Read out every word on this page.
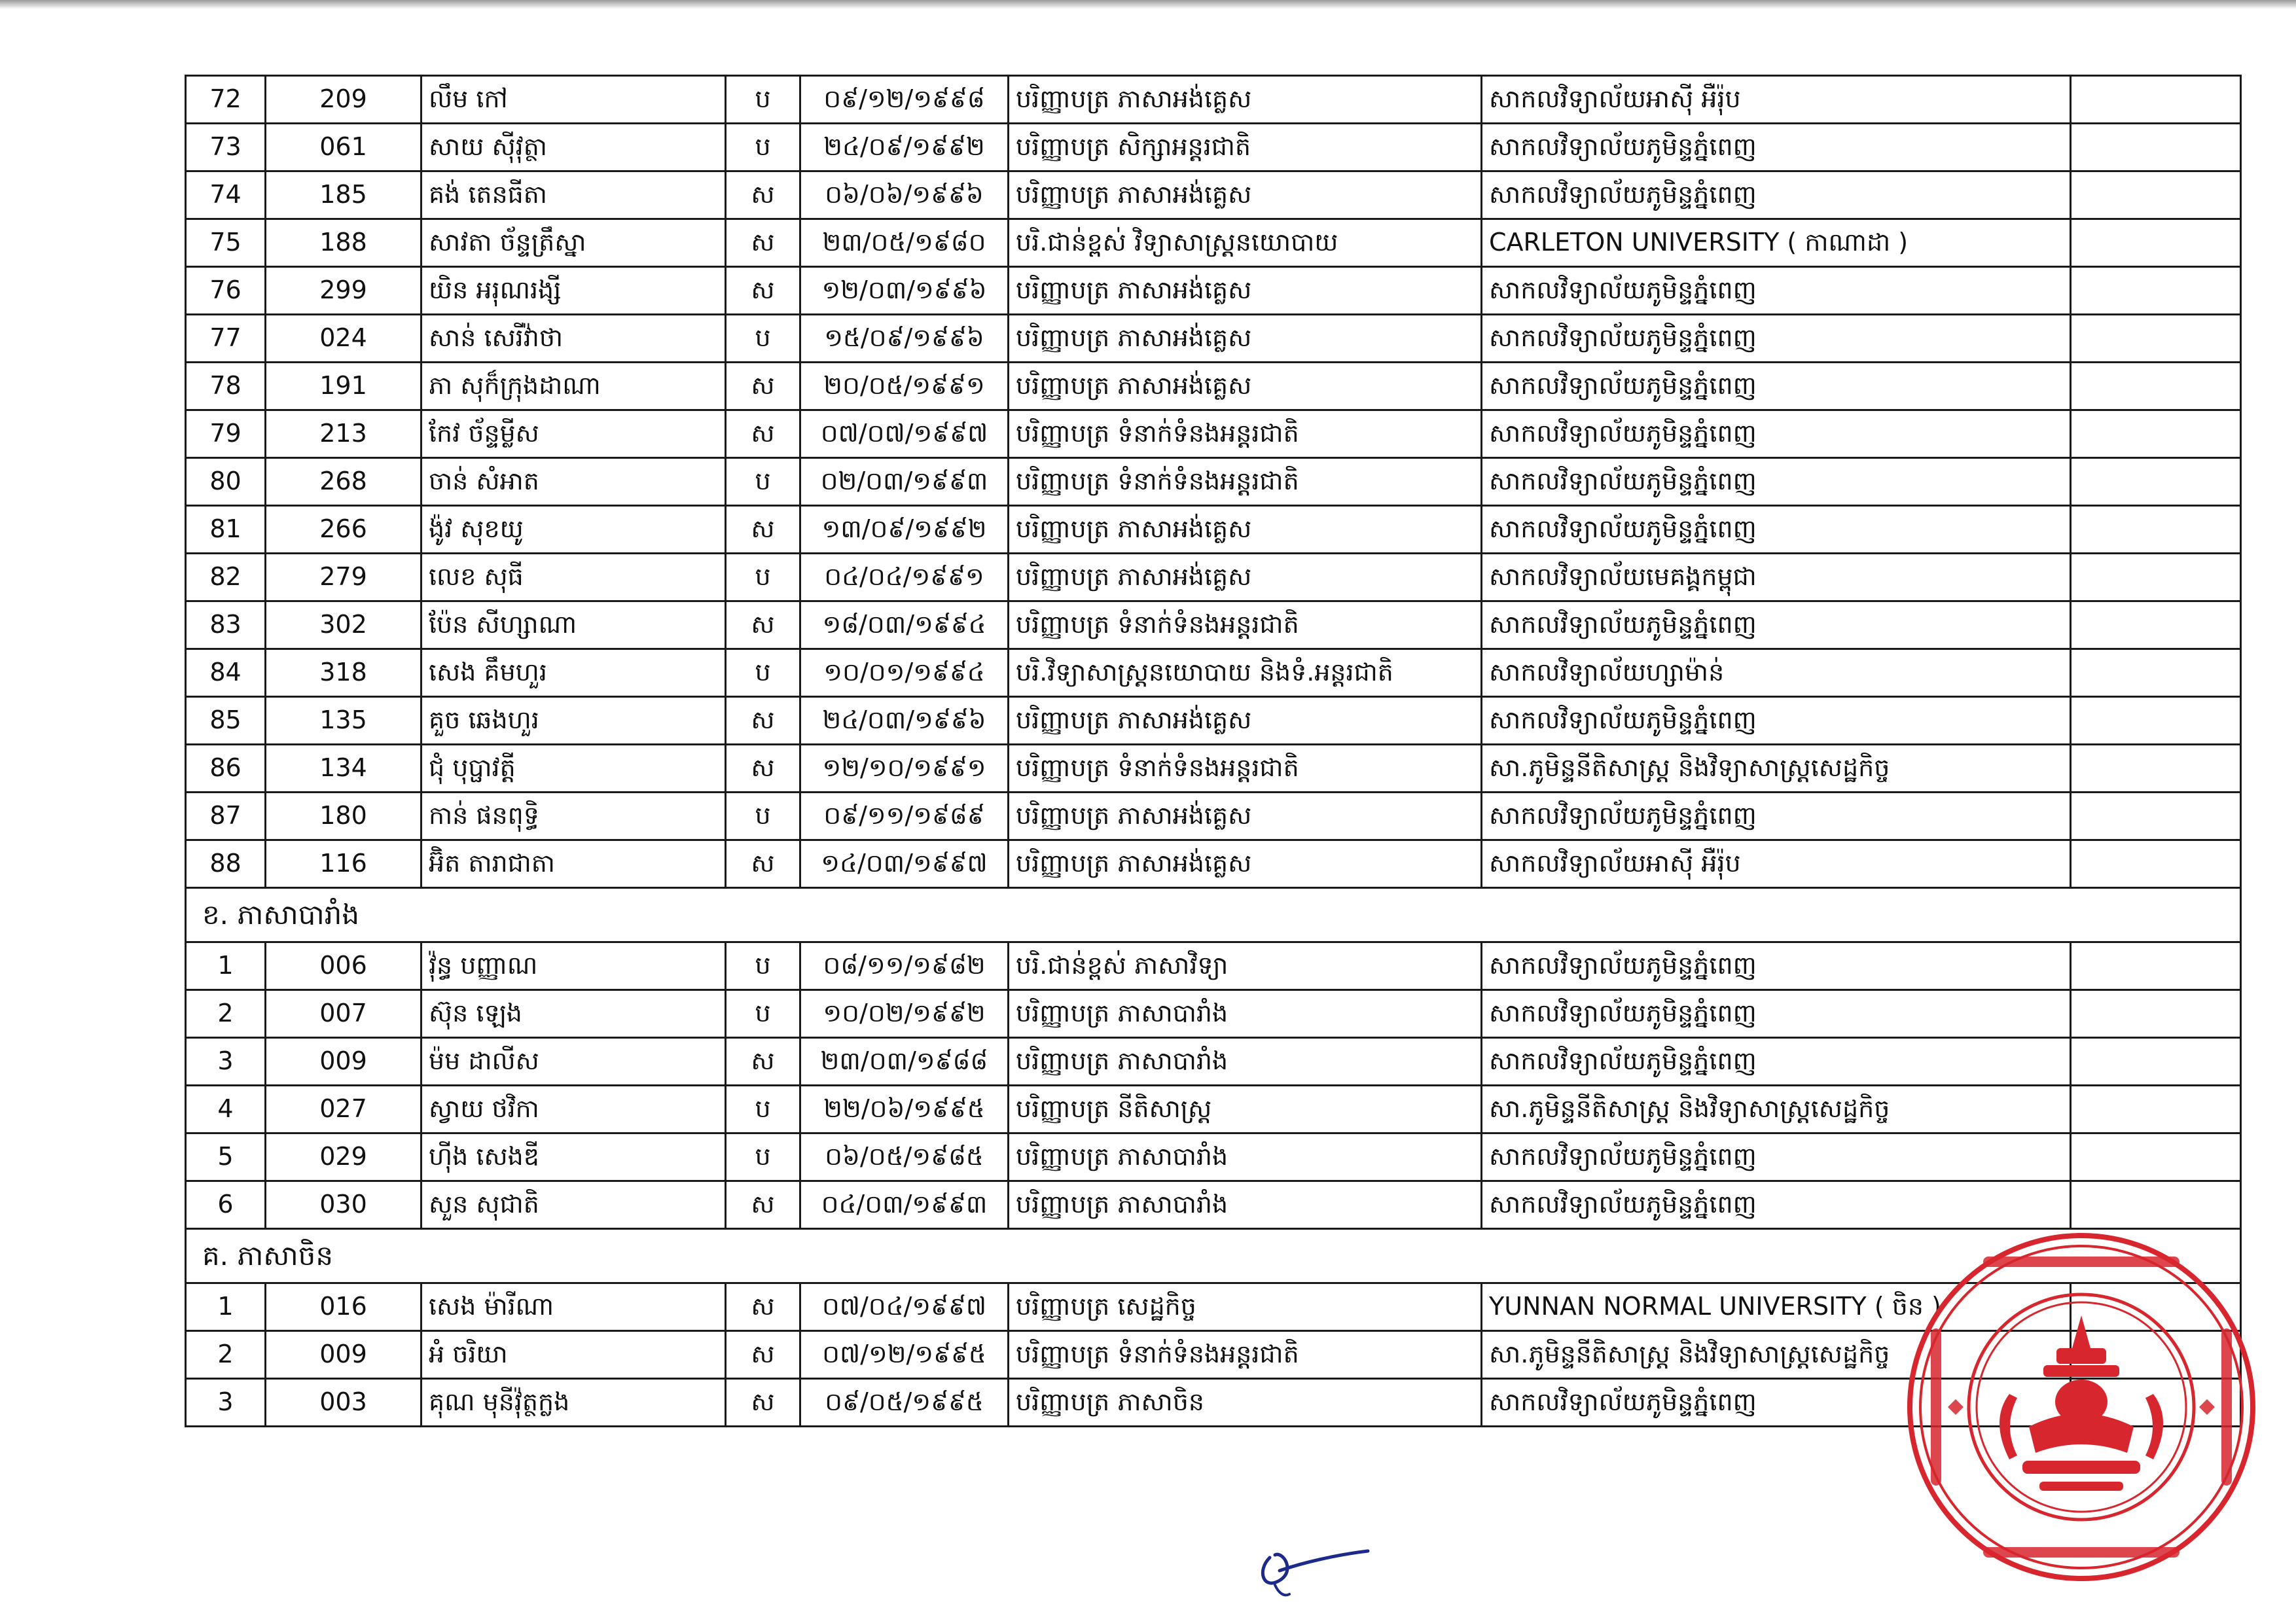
72	209	លឹម កៅ	ប	០៩/១២/១៩៩៨	បរិញ្ញាបត្រ ភាសាអង់គ្លេស	សាកលវិទ្យាល័យអាស៊ី អឺរ៉ុប	
73	061	សាយ ស៊ីវុត្ថា	ប	២៤/០៩/១៩៩២	បរិញ្ញាបត្រ សិក្សាអន្តរជាតិ	សាកលវិទ្យាល័យភូមិន្ទភ្នំពេញ	
74	185	គង់ តេនធីតា	ស	០៦/០៦/១៩៩៦	បរិញ្ញាបត្រ ភាសាអង់គ្លេស	សាកលវិទ្យាល័យភូមិន្ទភ្នំពេញ	
75	188	សាវតា ច័ន្ទត្រឹស្នា	ស	២៣/០៥/១៩៨០	បរិ.ជាន់ខ្ពស់ វិទ្យាសាស្ត្រនយោបាយ	CARLETON UNIVERSITY ( កាណាដា )	
76	299	យិន អរុណរង្សី	ស	១២/០៣/១៩៩៦	បរិញ្ញាបត្រ ភាសាអង់គ្លេស	សាកលវិទ្យាល័យភូមិន្ទភ្នំពេញ	
77	024	សាន់ សេរីវ៉ាថា	ប	១៥/០៩/១៩៩៦	បរិញ្ញាបត្រ ភាសាអង់គ្លេស	សាកលវិទ្យាល័យភូមិន្ទភ្នំពេញ	
78	191	ភា សុក៏ក្រុងដាណា	ស	២០/០៥/១៩៩១	បរិញ្ញាបត្រ ភាសាអង់គ្លេស	សាកលវិទ្យាល័យភូមិន្ទភ្នំពេញ	
79	213	កែវ ច័ន្ទម្លីស	ស	០៧/០៧/១៩៩៧	បរិញ្ញាបត្រ ទំនាក់ទំនងអន្តរជាតិ	សាកលវិទ្យាល័យភូមិន្ទភ្នំពេញ	
80	268	ចាន់ សំអាត	ប	០២/០៣/១៩៩៣	បរិញ្ញាបត្រ ទំនាក់ទំនងអន្តរជាតិ	សាកលវិទ្យាល័យភូមិន្ទភ្នំពេញ	
81	266	ង៉ូវ សុខយូ	ស	១៣/០៩/១៩៩២	បរិញ្ញាបត្រ ភាសាអង់គ្លេស	សាកលវិទ្យាល័យភូមិន្ទភ្នំពេញ	
82	279	លេខ សុធី	ប	០៤/០៤/១៩៩១	បរិញ្ញាបត្រ ភាសាអង់គ្លេស	សាកលវិទ្យាល័យមេគង្គកម្ពុជា	
83	302	ប៉ែន សីហ្សាណា	ស	១៨/០៣/១៩៩៤	បរិញ្ញាបត្រ ទំនាក់ទំនងអន្តរជាតិ	សាកលវិទ្យាល័យភូមិន្ទភ្នំពេញ	
84	318	សេង គឹមហួរ	ប	១០/០១/១៩៩៤	បរិ.វិទ្យាសាស្ត្រនយោបាយ និងទំ.អន្តរជាតិ	សាកលវិទ្យាល័យហ្សាម៉ាន់	
85	135	គួច ឆេងហួរ	ស	២៤/០៣/១៩៩៦	បរិញ្ញាបត្រ ភាសាអង់គ្លេស	សាកលវិទ្យាល័យភូមិន្ទភ្នំពេញ	
86	134	ជុំ បុប្ផាវត្តី	ស	១២/១០/១៩៩១	បរិញ្ញាបត្រ ទំនាក់ទំនងអន្តរជាតិ	សា.ភូមិន្ទនីតិសាស្ត្រ និងវិទ្យាសាស្ត្រសេដ្ឋកិច្ច	
87	180	កាន់ ផនពុទ្ធិ	ប	០៩/១១/១៩៨៩	បរិញ្ញាបត្រ ភាសាអង់គ្លេស	សាកលវិទ្យាល័យភូមិន្ទភ្នំពេញ	
88	116	អ៊ិត តារាជាតា	ស	១៤/០៣/១៩៩៧	បរិញ្ញាបត្រ ភាសាអង់គ្លេស	សាកលវិទ្យាល័យអាស៊ី អឺរ៉ុប	
ខ. ភាសាបារាំង							
1	006	វ៉ុន្ធ បញ្ញាណ	ប	០៨/១១/១៩៨២	បរិ.ជាន់ខ្ពស់ ភាសាវិទ្យា	សាកលវិទ្យាល័យភូមិន្ទភ្នំពេញ	
2	007	ស៊ុន ឡេង	ប	១០/០២/១៩៩២	បរិញ្ញាបត្រ ភាសាបារាំង	សាកលវិទ្យាល័យភូមិន្ទភ្នំពេញ	
3	009	ម៉ម ដាលីស	ស	២៣/០៣/១៩៨៨	បរិញ្ញាបត្រ ភាសាបារាំង	សាកលវិទ្យាល័យភូមិន្ទភ្នំពេញ	
4	027	ស្វាយ ថវិកា	ប	២២/០៦/១៩៩៥	បរិញ្ញាបត្រ នីតិសាស្ត្រ	សា.ភូមិន្ទនីតិសាស្ត្រ និងវិទ្យាសាស្ត្រសេដ្ឋកិច្ច	
5	029	ហ៊ីង សេងឌី	ប	០៦/០៥/១៩៨៥	បរិញ្ញាបត្រ ភាសាបារាំង	សាកលវិទ្យាល័យភូមិន្ទភ្នំពេញ	
6	030	សួន សុជាតិ	ស	០៤/០៣/១៩៩៣	បរិញ្ញាបត្រ ភាសាបារាំង	សាកលវិទ្យាល័យភូមិន្ទភ្នំពេញ	
គ. ភាសាចិន							
1	016	សេង ម៉ារីណា	ស	០៧/០៤/១៩៩៧	បរិញ្ញាបត្រ សេដ្ឋកិច្ច	YUNNAN NORMAL UNIVERSITY ( ចិន )	
2	009	អំ ចរិយា	ស	០៧/១២/១៩៩៥	បរិញ្ញាបត្រ ទំនាក់ទំនងអន្តរជាតិ	សា.ភូមិន្ទនីតិសាស្ត្រ និងវិទ្យាសាស្ត្រសេដ្ឋកិច្ច	
3	003	គុណ មុនីវ៉ុត្ថក្លង	ស	០៩/០៥/១៩៩៥	បរិញ្ញាបត្រ ភាសាចិន	សាកលវិទ្យាល័យភូមិន្ទភ្នំពេញ	
